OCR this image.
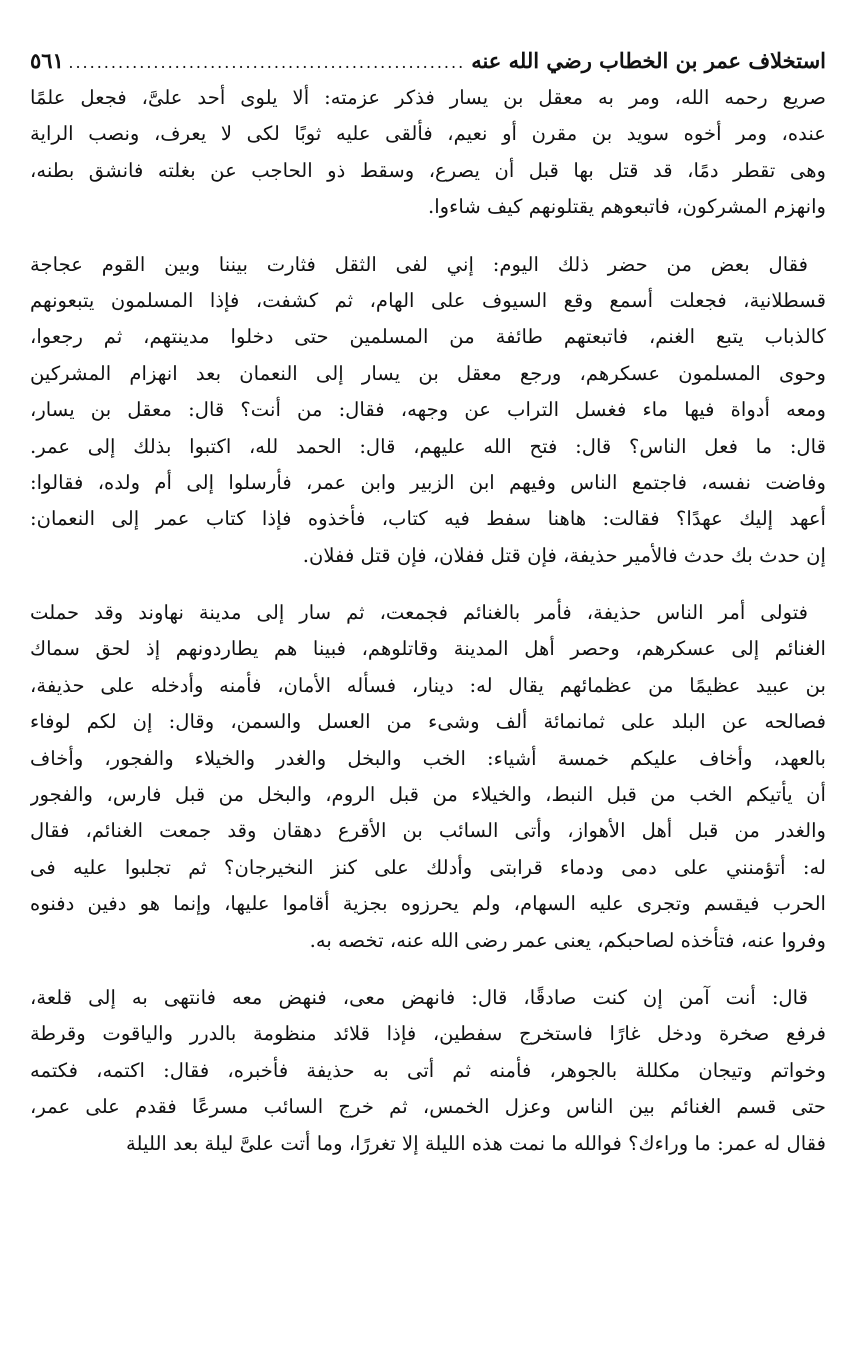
استخلاف عمر بن الخطاب رضي الله عنه
.....
٥٦١
صريع رحمه الله، ومر به معقل بن يسار فذكر عزمته: ألا يلوى أحد علىَّ، فجعل علمًا
عنده، ومر أخوه سويد بن مقرن أو نعيم، فألقى عليه ثوبًا لكى لا يعرف، ونصب الراية
وهى تقطر دمًا، قد قتل بها قبل أن يصرع، وسقط ذو الحاجب عن بغلته فانشق بطنه،
وانهزم المشركون، فاتبعوهم يقتلونهم كيف شاءوا.
فقال بعض من حضر ذلك اليوم: إني لفى الثقل فثارت بيننا وبين القوم عجاجة
قسطلانية، فجعلت أسمع وقع السيوف على الهام، ثم كشفت، فإذا المسلمون يتبعونهم
كالذباب يتبع الغنم، فاتبعتهم طائفة من المسلمين حتى دخلوا مدينتهم، ثم رجعوا،
وحوى المسلمون عسكرهم، ورجع معقل بن يسار إلى النعمان بعد انهزام المشركين
ومعه أدواة فيها ماء فغسل التراب عن وجهه، فقال: من أنت؟ قال: معقل بن يسار،
قال: ما فعل الناس؟ قال: فتح الله عليهم، قال: الحمد لله، اكتبوا بذلك إلى عمر.
وفاضت نفسه، فاجتمع الناس وفيهم ابن الزبير وابن عمر، فأرسلوا إلى أم ولده، فقالوا:
أعهد إليك عهدًا؟ فقالت: هاهنا سفط فيه كتاب، فأخذوه فإذا كتاب عمر إلى النعمان:
إن حدث بك حدث فالأمير حذيفة، فإن قتل ففلان، فإن قتل ففلان.
فتولى أمر الناس حذيفة، فأمر بالغنائم فجمعت، ثم سار إلى مدينة نهاوند وقد حملت
الغنائم إلى عسكرهم، وحصر أهل المدينة وقاتلوهم، فبينا هم يطاردونهم إذ لحق سماك
بن عبيد عظيمًا من عظمائهم يقال له: دينار، فسأله الأمان، فأمنه وأدخله على حذيفة،
فصالحه عن البلد على ثمانمائة ألف وشىء من العسل والسمن، وقال: إن لكم لوفاء
بالعهد، وأخاف عليكم خمسة أشياء: الخب والبخل والغدر والخيلاء والفجور، وأخاف
أن يأتيكم الخب من قبل النبط، والخيلاء من قبل الروم، والبخل من قبل فارس، والفجور
والغدر من قبل أهل الأهواز، وأتى السائب بن الأقرع دهقان وقد جمعت الغنائم، فقال
له: أتؤمنني على دمى ودماء قرابتى وأدلك على كنز النخيرجان؟ ثم تجلبوا عليه فى
الحرب فيقسم وتجرى عليه السهام، ولم يحرزوه بجزية أقاموا عليها، وإنما هو دفين دفنوه
وفروا عنه، فتأخذه لصاحبكم، يعنى عمر رضى الله عنه، تخصه به.
قال: أنت آمن إن كنت صادقًا، قال: فانهض معى، فنهض معه فانتهى به إلى قلعة،
فرفع صخرة ودخل غارًا فاستخرج سفطين، فإذا قلائد منظومة بالدرر والياقوت وقرطة
وخواتم وتيجان مكللة بالجوهر، فأمنه ثم أتى به حذيفة فأخبره، فقال: اكتمه، فكتمه
حتى قسم الغنائم بين الناس وعزل الخمس، ثم خرج السائب مسرعًا فقدم على عمر،
فقال له عمر: ما وراءك؟ فوالله ما نمت هذه الليلة إلا تغررًا، وما أتت علىَّ ليلة بعد الليلة
